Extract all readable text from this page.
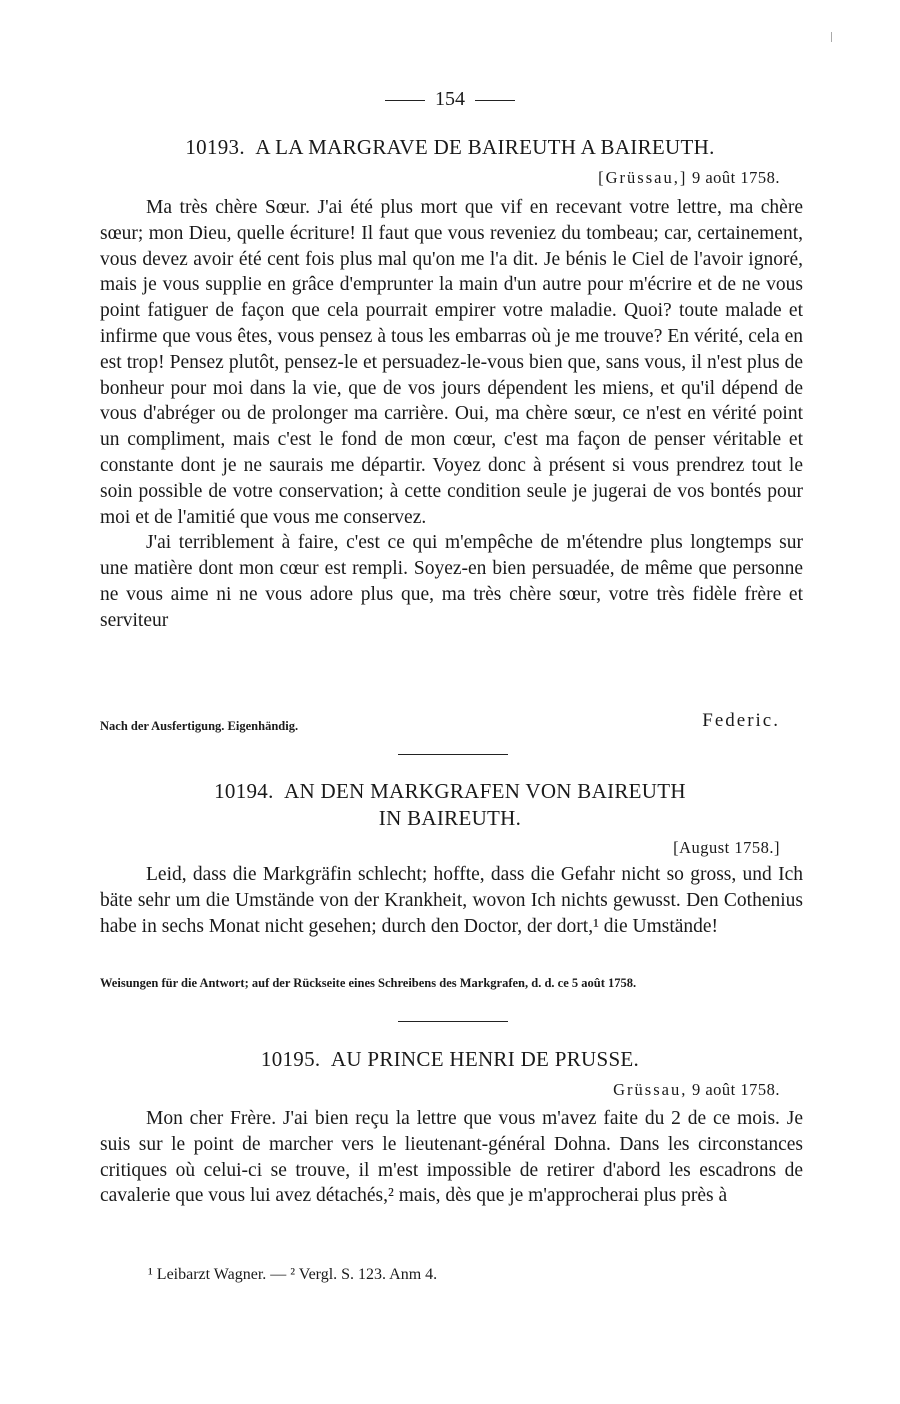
154
10193. A LA MARGRAVE DE BAIREUTH A BAIREUTH.
[Grüssau,] 9 août 1758.

Ma très chère Sœur. J'ai été plus mort que vif en recevant votre lettre, ma chère sœur; mon Dieu, quelle écriture! Il faut que vous reveniez du tombeau; car, certainement, vous devez avoir été cent fois plus mal qu'on me l'a dit. Je bénis le Ciel de l'avoir ignoré, mais je vous supplie en grâce d'emprunter la main d'un autre pour m'écrire et de ne vous point fatiguer de façon que cela pourrait empirer votre maladie. Quoi? toute malade et infirme que vous êtes, vous pensez à tous les embarras où je me trouve? En vérité, cela en est trop! Pensez plutôt, pensez-le et persuadez-le-vous bien que, sans vous, il n'est plus de bonheur pour moi dans la vie, que de vos jours dépendent les miens, et qu'il dépend de vous d'abréger ou de prolonger ma carrière. Oui, ma chère sœur, ce n'est en vérité point un compliment, mais c'est le fond de mon cœur, c'est ma façon de penser véritable et constante dont je ne saurais me départir. Voyez donc à présent si vous prendrez tout le soin possible de votre conservation; à cette condition seule je jugerai de vos bontés pour moi et de l'amitié que vous me conservez.

J'ai terriblement à faire, c'est ce qui m'empêche de m'étendre plus longtemps sur une matière dont mon cœur est rempli. Soyez-en bien persuadée, de même que personne ne vous aime ni ne vous adore plus que, ma très chère sœur, votre très fidèle frère et serviteur

Nach der Ausfertigung. Eigenhändig.	Federic.
10194. AN DEN MARKGRAFEN VON BAIREUTH
IN BAIREUTH.
[August 1758.]

Leid, dass die Markgräfin schlecht; hoffte, dass die Gefahr nicht so gross, und Ich bäte sehr um die Umstände von der Krankheit, wovon Ich nichts gewusst. Den Cothenius habe in sechs Monat nicht gesehen; durch den Doctor, der dort,¹ die Umstände!

Weisungen für die Antwort; auf der Rückseite eines Schreibens des Markgrafen, d. d. ce 5 août 1758.
10195. AU PRINCE HENRI DE PRUSSE.
Grüssau, 9 août 1758.

Mon cher Frère. J'ai bien reçu la lettre que vous m'avez faite du 2 de ce mois. Je suis sur le point de marcher vers le lieutenant-général Dohna. Dans les circonstances critiques où celui-ci se trouve, il m'est impossible de retirer d'abord les escadrons de cavalerie que vous lui avez détachés,² mais, dès que je m'approcherai plus près à

¹ Leibarzt Wagner. — ² Vergl. S. 123. Anm 4.
